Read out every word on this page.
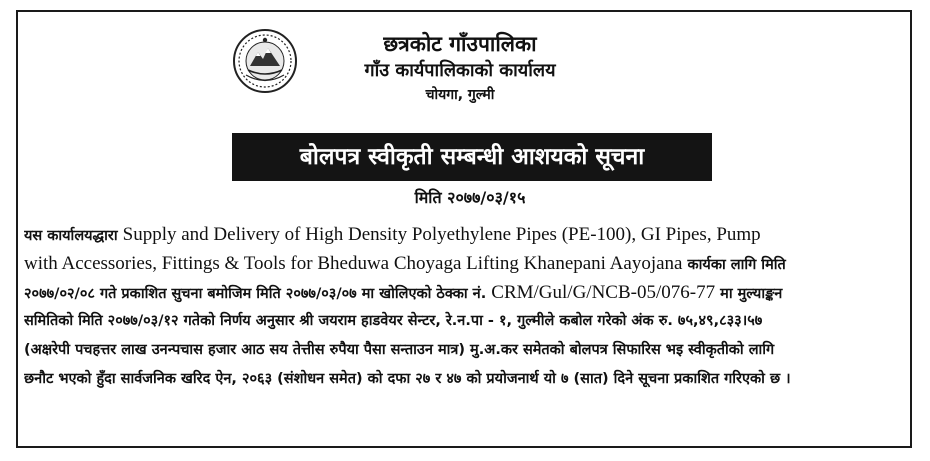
छत्रकोट गाँउपालिका
गाँउ कार्यपालिकाको कार्यालय
चोयगा, गुल्मी
बोलपत्र स्वीकृती सम्बन्धी आशयको सूचना
मिति २०७७/०३/१५
यस कार्यालयद्धारा Supply and Delivery of High Density Polyethylene Pipes (PE-100), GI Pipes, Pump
with Accessories, Fittings & Tools for Bheduwa Choyaga Lifting Khanepani Aayojana कार्यका लागि मिति
२०७७/०२/०८ गते प्रकाशित सुचना बमोजिम मिति २०७७/०३/०७ मा खोलिएको ठेक्का नं. CRM/Gul/G/NCB-05/076-77 मा मुल्याङ्कन
समितिको मिति २०७७/०३/१२ गतेको निर्णय अनुसार श्री जयराम हाडवेयर सेन्टर, रे.न.पा - १, गुल्मीले कबोल गरेको अंक रु. ७५,४९,८३३।५७
(अक्षरेपी पचहत्तर लाख उनन्पचास हजार आठ सय तेत्तीस रुपैया पैसा सन्ताउन मात्र) मु.अ.कर समेतको बोलपत्र सिफारिस भइ स्वीकृतीको लागि
छनौट भएको हुँदा सार्वजनिक खरिद ऐन, २०६३ (संशोधन समेत) को दफा २७ र ४७ को प्रयोजनार्थ यो ७ (सात) दिने सूचना प्रकाशित गरिएको छ ।
